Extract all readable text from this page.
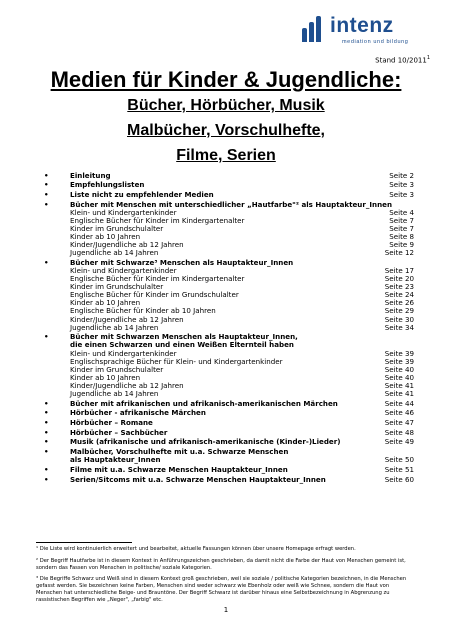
intenz
mediation und bildung
Stand 10/2011$^1$
Medien für Kinder & Jugendliche:
Bücher, Hörbücher, Musik
Malbücher, Vorschulhefte,
Filme, Serien
•	Einleitung	Seite 2
•	Empfehlungslisten	Seite 3
•	Liste nicht zu empfehlender Medien	Seite 3
•	Bücher mit Menschen mit unterschiedlicher „Hautfarbe"² als Hauptakteur_Innen
Klein- und Kindergartenkinder	Seite 4
Englische Bücher für Kinder im Kindergartenalter	Seite 7
Kinder im Grundschulalter	Seite 7
Kinder ab 10 Jahren	Seite 8
Kinder/Jugendliche ab 12 Jahren	Seite 9
Jugendliche ab 14 Jahren	Seite 12
•	Bücher mit Schwarze³ Menschen als Hauptakteur_Innen
Klein- und Kindergartenkinder	Seite 17
Englische Bücher für Kinder im Kindergartenalter	Seite 20
Kinder im Grundschulalter	Seite 23
Englische Bücher für Kinder im Grundschulalter	Seite 24
Kinder ab 10 Jahren	Seite 26
Englische Bücher für Kinder ab 10 Jahren	Seite 29
Kinder/Jugendliche ab 12 Jahren	Seite 30
Jugendliche ab 14 Jahren	Seite 34
•	Bücher mit Schwarzen Menschen als Hauptakteur_Innen,
die einen Schwarzen und einen Weißen Elternteil haben
Klein- und Kindergartenkinder	Seite 39
Englischsprachige Bücher für Klein- und Kindergartenkinder	Seite 39
Kinder im Grundschulalter	Seite 40
Kinder ab 10 Jahren	Seite 40
Kinder/Jugendliche ab 12 Jahren	Seite 41
Jugendliche ab 14 Jahren	Seite 41
•	Bücher mit afrikanischen und afrikanisch-amerikanischen Märchen	Seite 44
•	Hörbücher - afrikanische Märchen	Seite 46
•	Hörbücher – Romane	Seite 47
•	Hörbücher – Sachbücher	Seite 48
•	Musik (afrikanische und afrikanisch-amerikanische (Kinder-)Lieder)	Seite 49
•	Malbücher, Vorschulhefte mit u.a. Schwarze Menschen
als Hauptakteur_Innen	Seite 50
•	Filme mit u.a. Schwarze Menschen Hauptakteur_Innen	Seite 51
•	Serien/Sitcoms mit u.a. Schwarze Menschen Hauptakteur_Innen	Seite 60
¹ Die Liste wird kontinuierlich erweitert und bearbeitet, aktuelle Fassungen können über unsere Homepage erfragt werden.
² Der Begriff Hautfarbe ist in diesem Kontext in Anführungszeichen geschrieben, da damit nicht die Farbe der Haut von Menschen gemeint ist, sondern das Fassen von Menschen in politische/ soziale Kategorien.
³ Die Begriffe Schwarz und Weiß sind in diesem Kontext groß geschrieben, weil sie soziale / politische Kategorien bezeichnen, in die Menschen gefasst werden. Sie bezeichnen keine Farben, Menschen sind weder schwarz wie Ebenholz oder weiß wie Schnee, sondern die Haut von Menschen hat unterschiedliche Beige- und Brauntöne. Der Begriff Schwarz ist darüber hinaus eine Selbstbezeichnung in Abgrenzung zu rassistischen Begriffen wie „Neger", „farbig" etc.
1
